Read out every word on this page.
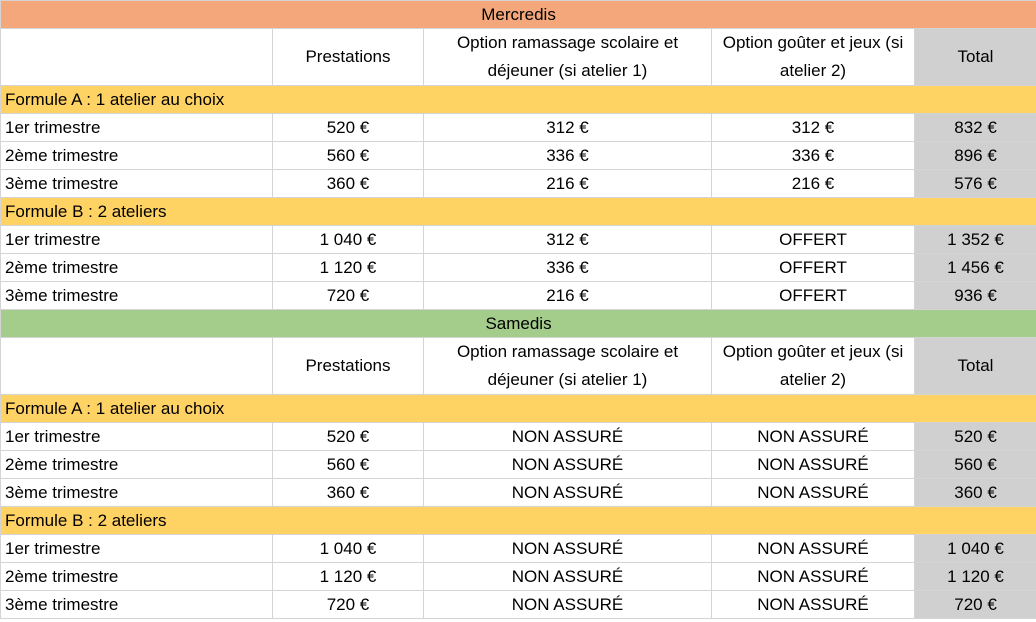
Mercredis				
	Prestations	Option ramassage scolaire et déjeuner (si atelier 1)	Option goûter et jeux (si atelier 2)	Total
Formule A : 1 atelier au choix				
1er trimestre	520 €	312 €	312 €	832 €
2ème trimestre	560 €	336 €	336 €	896 €
3ème trimestre	360 €	216 €	216 €	576 €
Formule B : 2 ateliers				
1er trimestre	1 040 €	312 €	OFFERT	1 352 €
2ème trimestre	1 120 €	336 €	OFFERT	1 456 €
3ème trimestre	720 €	216 €	OFFERT	936 €
Samedis				
	Prestations	Option ramassage scolaire et déjeuner (si atelier 1)	Option goûter et jeux (si atelier 2)	Total
Formule A : 1 atelier au choix				
1er trimestre	520 €	NON ASSURÉ	NON ASSURÉ	520 €
2ème trimestre	560 €	NON ASSURÉ	NON ASSURÉ	560 €
3ème trimestre	360 €	NON ASSURÉ	NON ASSURÉ	360 €
Formule B : 2 ateliers				
1er trimestre	1 040 €	NON ASSURÉ	NON ASSURÉ	1 040 €
2ème trimestre	1 120 €	NON ASSURÉ	NON ASSURÉ	1 120 €
3ème trimestre	720 €	NON ASSURÉ	NON ASSURÉ	720 €
